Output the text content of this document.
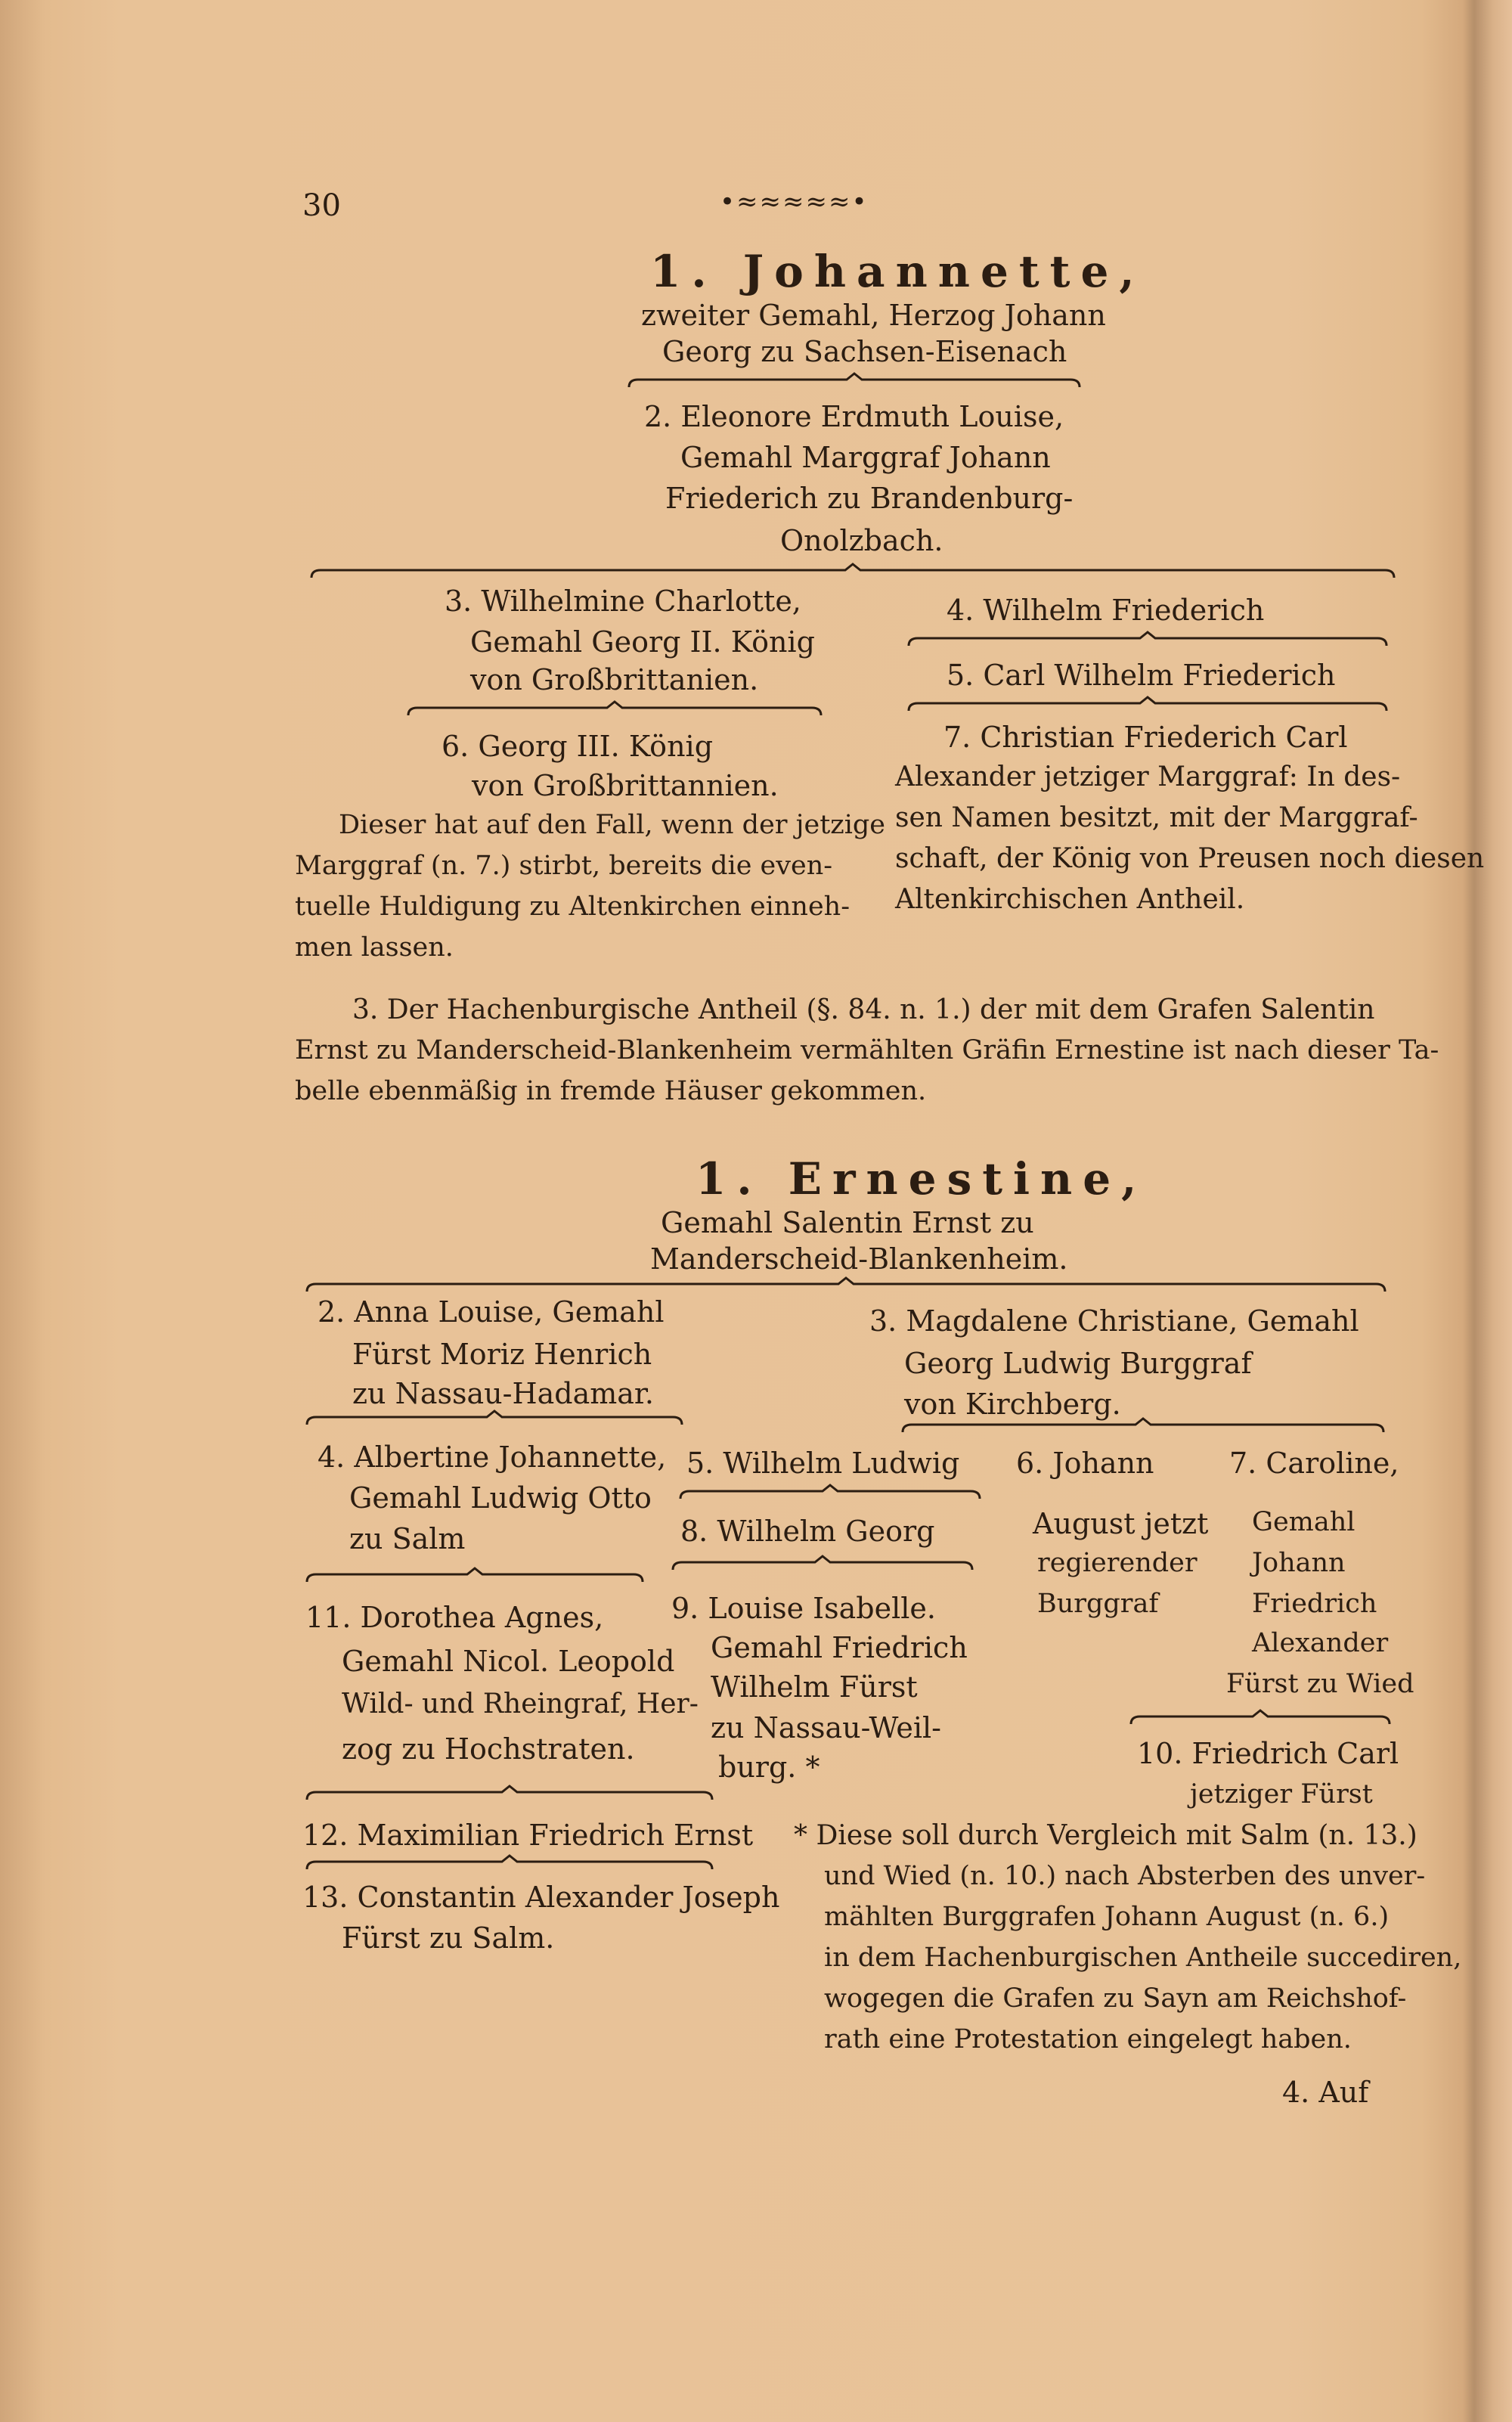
30	•≈≈≈≈≈•
1. Johannette,
zweiter Gemahl, Herzog Johann
Georg zu Sachsen-Eisenach
2. Eleonore Erdmuth Louise,
Gemahl Marggraf Johann
Friederich zu Brandenburg-
Onolzbach.
3. Wilhelmine Charlotte,
Gemahl Georg II. König
von Großbrittanien.
4. Wilhelm Friederich
5. Carl Wilhelm Friederich
6. Georg III. König
von Großbrittannien.
Dieser hat auf den Fall, wenn der jetzige
Marggraf (n. 7.) stirbt, bereits die even-
tuelle Huldigung zu Altenkirchen einneh-
men lassen.
7. Christian Friederich Carl
Alexander jetziger Marggraf: In des-
sen Namen besitzt, mit der Marggraf-
schaft, der König von Preusen noch diesen
Altenkirchischen Antheil.
3. Der Hachenburgische Antheil (§. 84. n. 1.) der mit dem Grafen Salentin
Ernst zu Manderscheid-Blankenheim vermählten Gräfin Ernestine ist nach dieser Ta-
belle ebenmäßig in fremde Häuser gekommen.
1. Ernestine,
Gemahl Salentin Ernst zu
Manderscheid-Blankenheim.
2. Anna Louise, Gemahl
Fürst Moriz Henrich
zu Nassau-Hadamar.
3. Magdalene Christiane, Gemahl
Georg Ludwig Burggraf
von Kirchberg.
4. Albertine Johannette,
Gemahl Ludwig Otto
zu Salm
5. Wilhelm Ludwig
8. Wilhelm Georg
6. Johann
August jetzt
regierender
Burggraf
7. Caroline,
Gemahl
Johann
Friedrich
Alexander
Fürst zu Wied
11. Dorothea Agnes,
Gemahl Nicol. Leopold
Wild- und Rheingraf, Her-
zog zu Hochstraten.
9. Louise Isabelle.
Gemahl Friedrich
Wilhelm Fürst
zu Nassau-Weil-
burg. *	10. Friedrich Carl
jetziger Fürst
12. Maximilian Friedrich Ernst
13. Constantin Alexander Joseph
Fürst zu Salm.
* Diese soll durch Vergleich mit Salm (n. 13.)
und Wied (n. 10.) nach Absterben des unver-
mählten Burggrafen Johann August (n. 6.)
in dem Hachenburgischen Antheile succediren,
wogegen die Grafen zu Sayn am Reichshof-
rath eine Protestation eingelegt haben.
4. Auf
